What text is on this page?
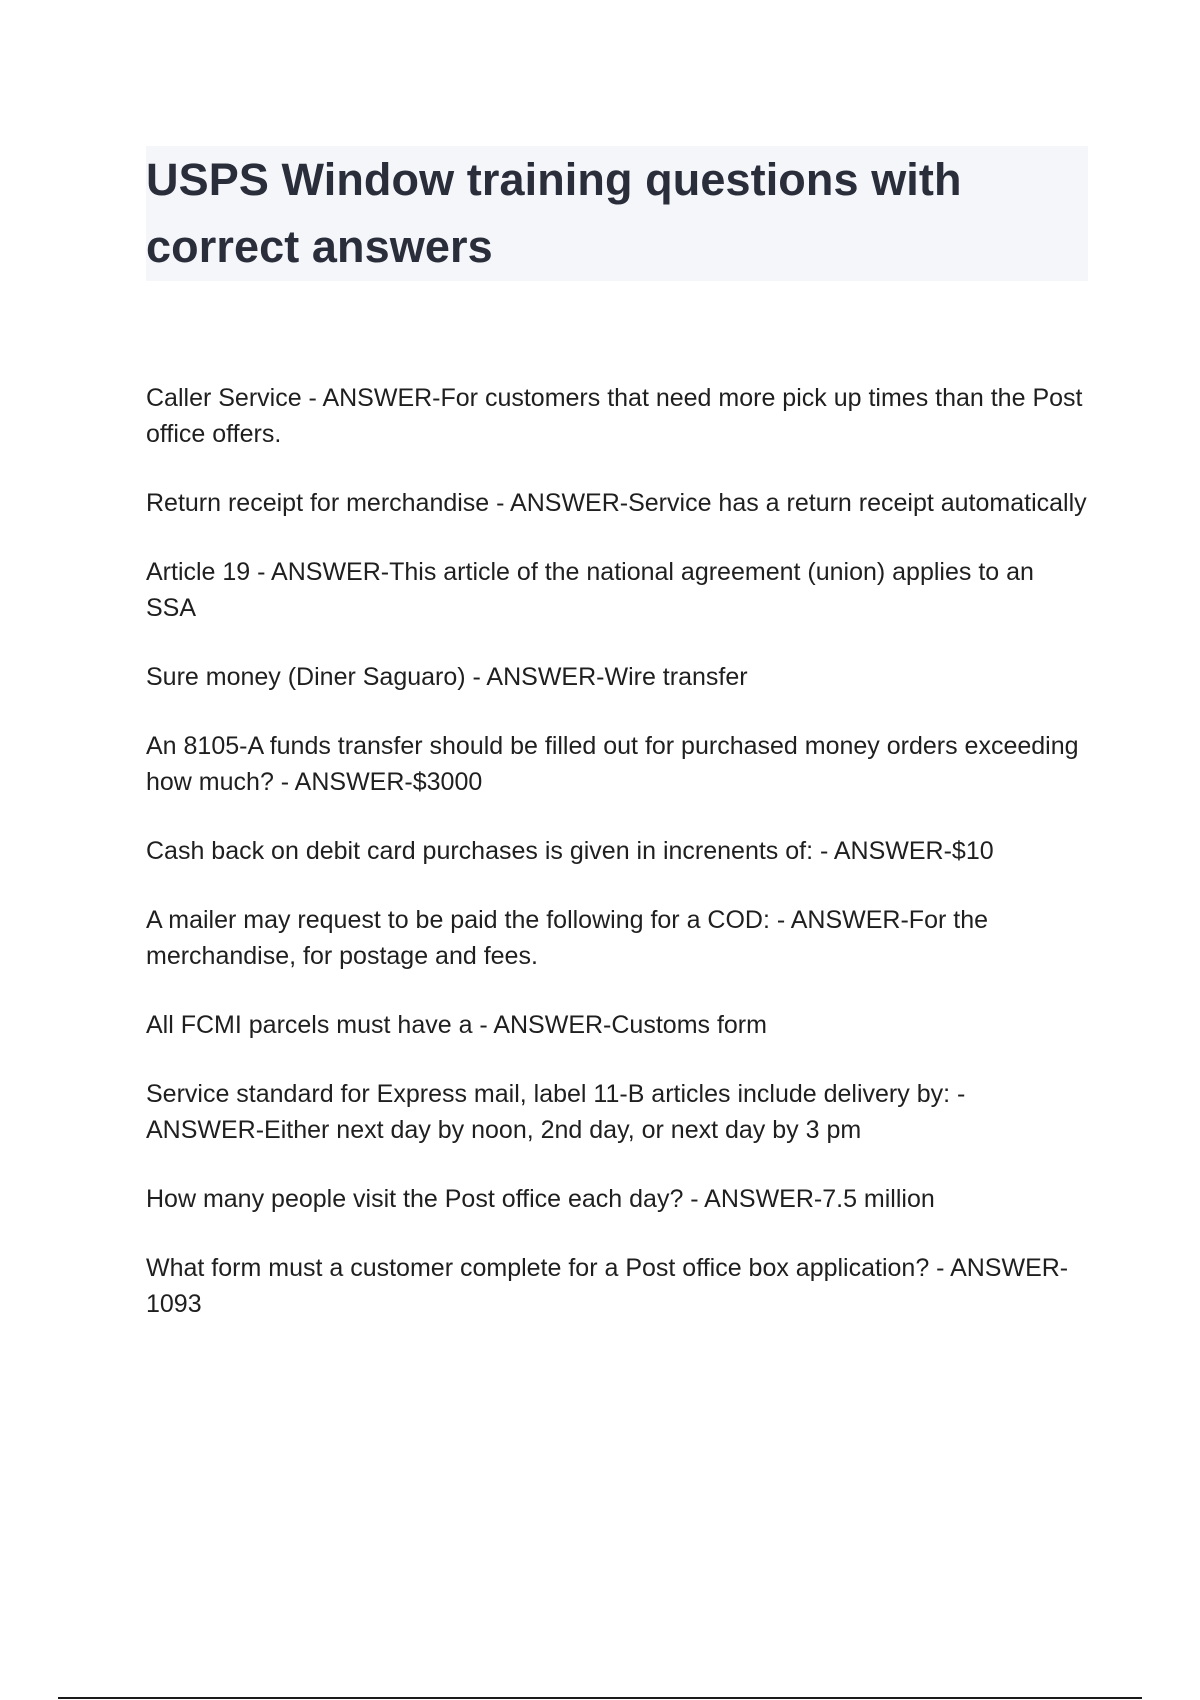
USPS Window training questions with correct answers
Caller Service - ANSWER-For customers that need more pick up times than the Post office offers.
Return receipt for merchandise - ANSWER-Service has a return receipt automatically
Article 19 - ANSWER-This article of the national agreement (union) applies to an SSA
Sure money (Diner Saguaro) - ANSWER-Wire transfer
An 8105-A funds transfer should be filled out for purchased money orders exceeding how much? - ANSWER-$3000
Cash back on debit card purchases is given in increnents of: - ANSWER-$10
A mailer may request to be paid the following for a COD: - ANSWER-For the merchandise, for postage and fees.
All FCMI parcels must have a - ANSWER-Customs form
Service standard for Express mail, label 11-B articles include delivery by: - ANSWER-Either next day by noon, 2nd day, or next day by 3 pm
How many people visit the Post office each day? - ANSWER-7.5 million
What form must a customer complete for a Post office box application? - ANSWER-1093
